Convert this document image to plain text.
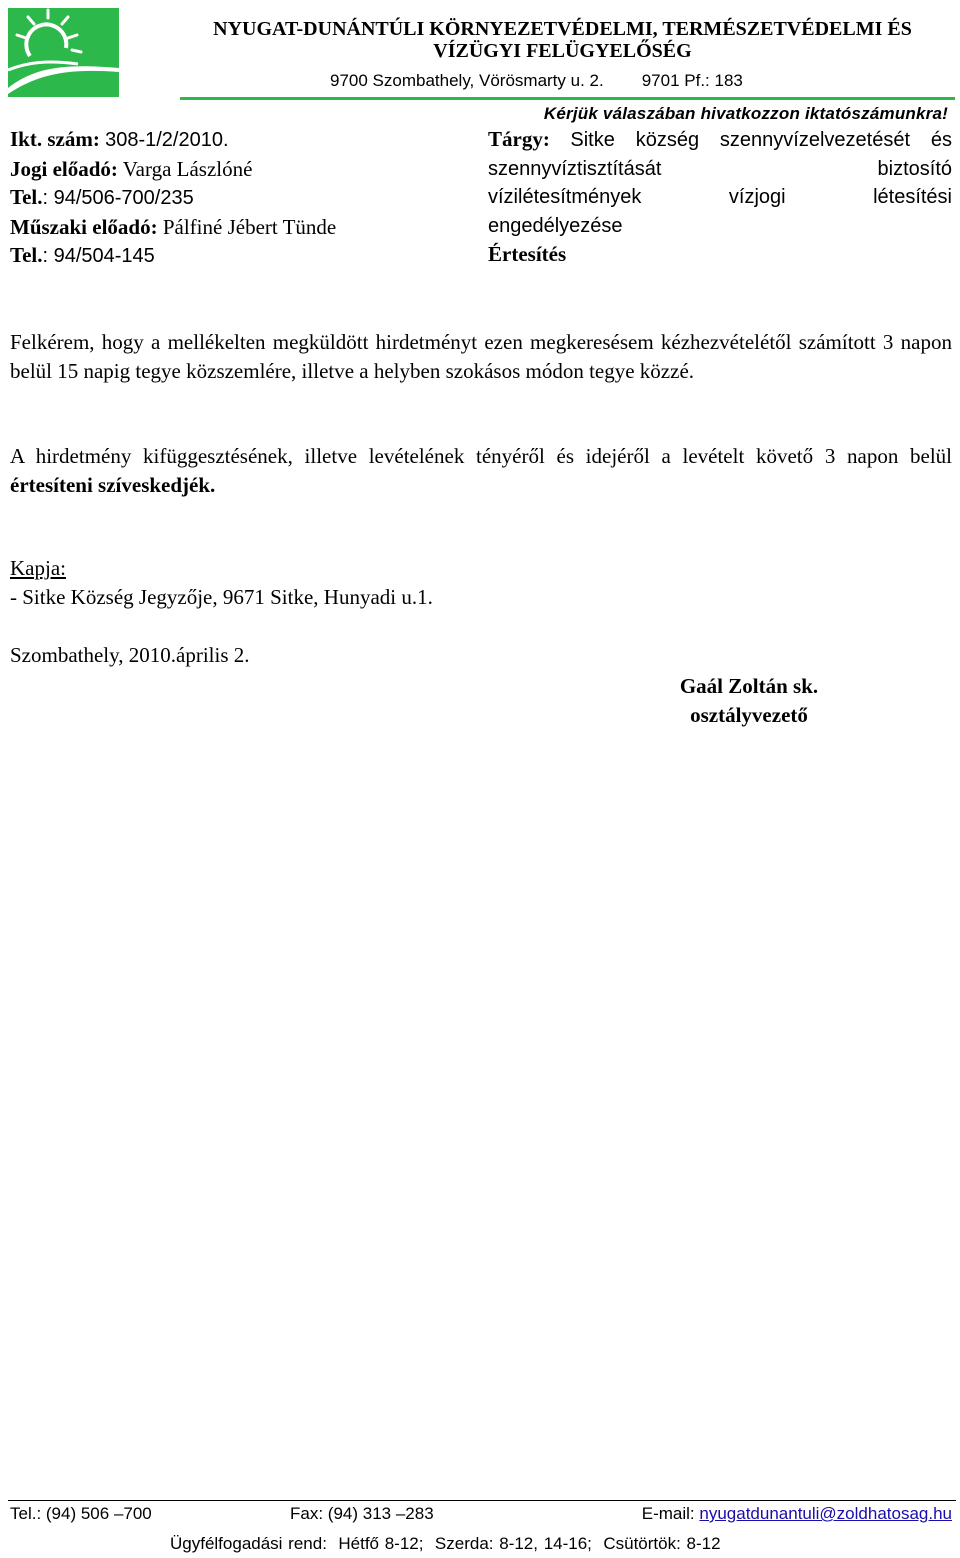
NYUGAT-DUNÁNTÚLI KÖRNYEZETVÉDELMI, TERMÉSZETVÉDELMI ÉS
VÍZÜGYI FELÜGYELŐSÉG
9700 Szombathely, Vörösmarty u. 2. 9701 Pf.: 183
Kérjük válaszában hivatkozzon iktatószámunkra!
Ikt. szám: 308-1/2/2010.
Jogi előadó: Varga Lászlóné
Tel.: 94/506-700/235
Műszaki előadó: Pálfiné Jébert Tünde
Tel.: 94/504-145
Tárgy: Sitke község szennyvízelvezetését és
szennyvíztisztítását biztosító
vízilétesítmények vízjogi létesítési
engedélyezése
Értesítés
Felkérem, hogy a mellékelten megküldött hirdetményt ezen megkeresésem kézhezvételétől számított 3 napon belül 15 napig tegye közszemlére, illetve a helyben szokásos módon tegye közzé.
A hirdetmény kifüggesztésének, illetve levételének tényéről és idejéről a levételt követő 3 napon belül értesíteni szíveskedjék.
Kapja:
- Sitke Község Jegyzője, 9671 Sitke, Hunyadi u.1.
Szombathely, 2010.április 2.
Gaál Zoltán sk.
osztályvezető
Tel.: (94) 506 –700	Fax: (94) 313 –283	E-mail: nyugatdunantuli@zoldhatosag.hu
Ügyfélfogadási rend:  Hétfő 8-12;  Szerda: 8-12, 14-16;  Csütörtök: 8-12
